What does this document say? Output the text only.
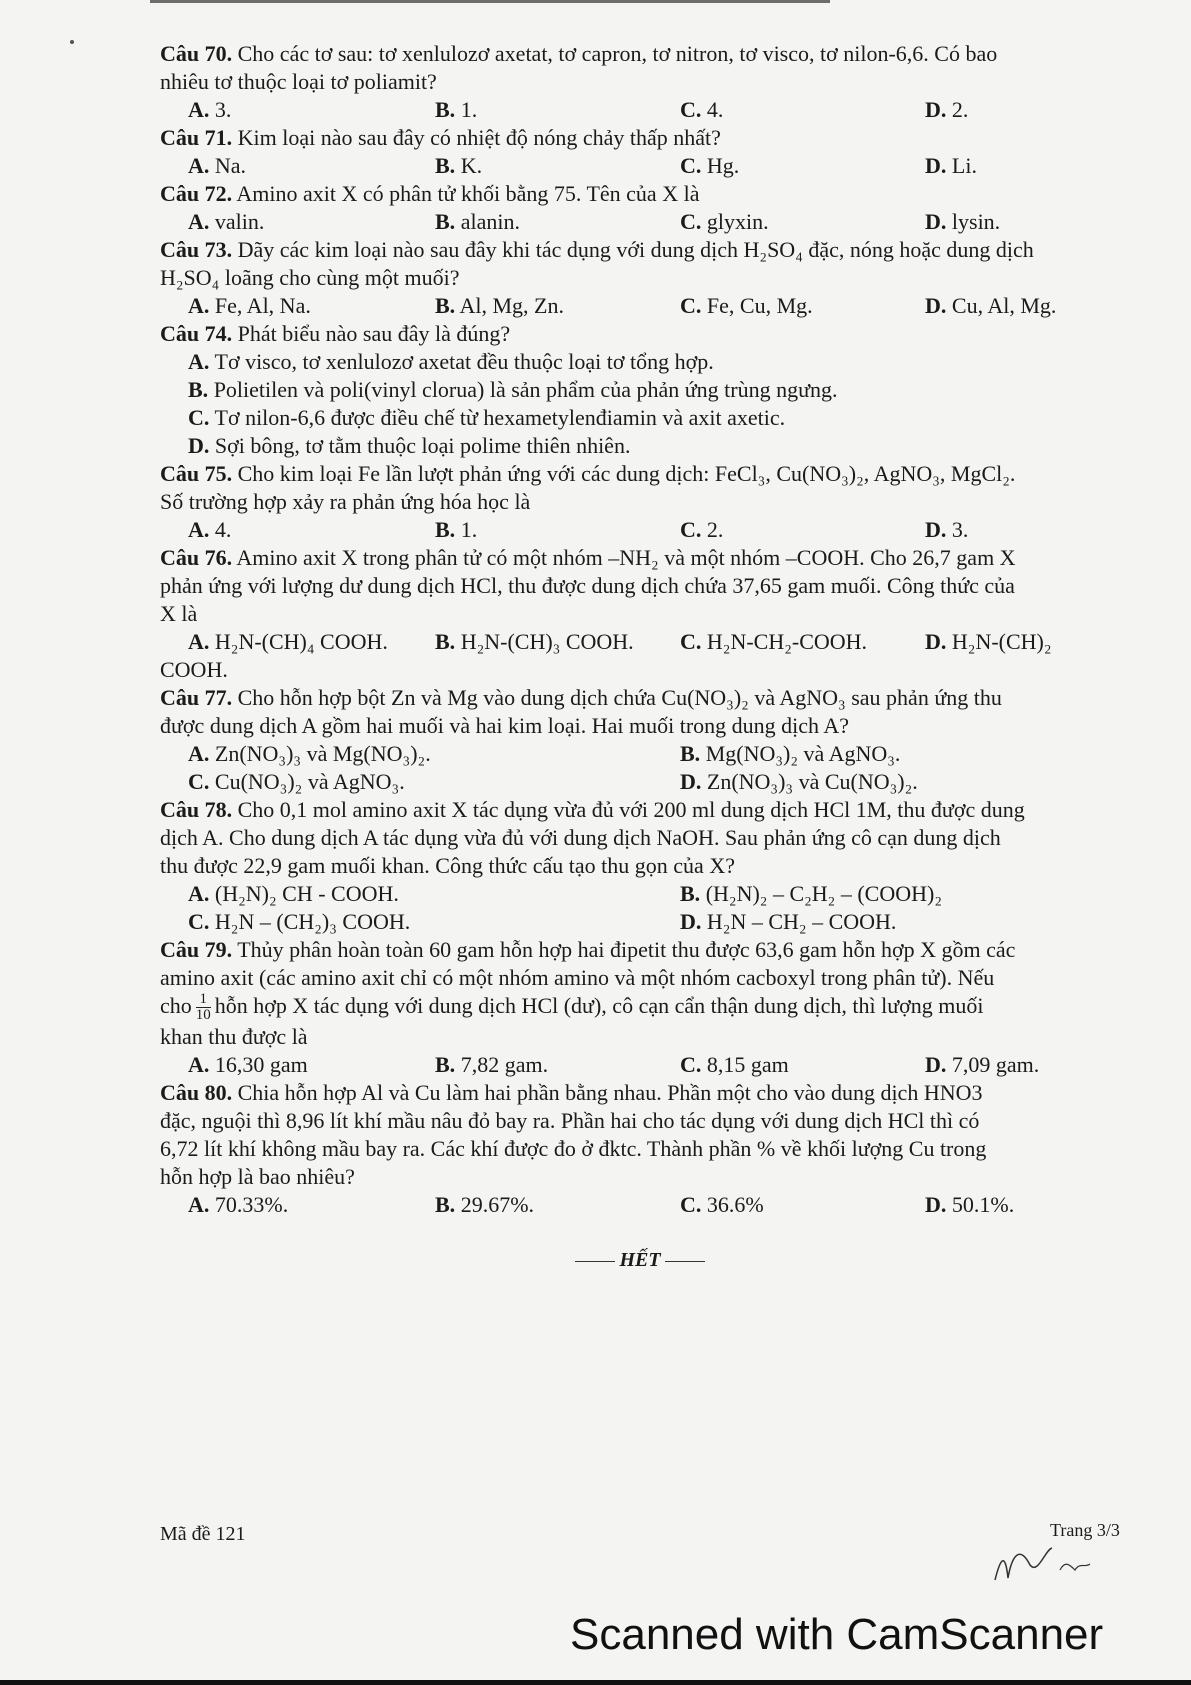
Câu 70. Cho các tơ sau: tơ xenlulozơ axetat, tơ capron, tơ nitron, tơ visco, tơ nilon-6,6. Có bao

nhiêu tơ thuộc loại tơ poliamit?

A. 3.	B. 1.	C. 4.	D. 2.

Câu 71. Kim loại nào sau đây có nhiệt độ nóng chảy thấp nhất?

A. Na.	B. K.	C. Hg.	D. Li.

Câu 72. Amino axit X có phân tử khối bằng 75. Tên của X là

A. valin.	B. alanin.	C. glyxin.	D. lysin.

Câu 73. Dãy các kim loại nào sau đây khi tác dụng với dung dịch H₂SO₄ đặc, nóng hoặc dung dịch

H₂SO₄ loãng cho cùng một muối?

A. Fe, Al, Na.	B. Al, Mg, Zn.	C. Fe, Cu, Mg.	D. Cu, Al, Mg.

Câu 74. Phát biểu nào sau đây là đúng?

A. Tơ visco, tơ xenlulozơ axetat đều thuộc loại tơ tổng hợp.

B. Polietilen và poli(vinyl clorua) là sản phẩm của phản ứng trùng ngưng.

C. Tơ nilon-6,6 được điều chế từ hexametylenđiamin và axit axetic.

D. Sợi bông, tơ tằm thuộc loại polime thiên nhiên.

Câu 75. Cho kim loại Fe lần lượt phản ứng với các dung dịch: FeCl₃, Cu(NO₃)₂, AgNO₃, MgCl₂.

Số trường hợp xảy ra phản ứng hóa học là

A. 4.	B. 1.	C. 2.	D. 3.

Câu 76. Amino axit X trong phân tử có một nhóm –NH₂ và một nhóm –COOH. Cho 26,7 gam X

phản ứng với lượng dư dung dịch HCl, thu được dung dịch chứa 37,65 gam muối. Công thức của

X là

A. H₂N-(CH)₄ COOH. B. H₂N-(CH)₃ COOH. C. H₂N-CH₂-COOH.	D. H₂N-(CH)₂

COOH.

Câu 77. Cho hỗn hợp bột Zn và Mg vào dung dịch chứa Cu(NO₃)₂ và AgNO₃ sau phản ứng thu

được dung dịch A gồm hai muối và hai kim loại. Hai muối trong dung dịch A?

A. Zn(NO₃)₃ và Mg(NO₃)₂.	B. Mg(NO₃)₂ và AgNO₃.
C. Cu(NO₃)₂ và AgNO₃.	D. Zn(NO₃)₃ và Cu(NO₃)₂.

Câu 78. Cho 0,1 mol amino axit X tác dụng vừa đủ với 200 ml dung dịch HCl 1M, thu được dung

dịch A. Cho dung dịch A tác dụng vừa đủ với dung dịch NaOH. Sau phản ứng cô cạn dung dịch

thu được 22,9 gam muối khan. Công thức cấu tạo thu gọn của X?

A. (H₂N)₂ CH - COOH.	B. (H₂N)₂ – C₂H₂ – (COOH)₂
C. H₂N – (CH₂)₃ COOH.	D. H₂N – CH₂ – COOH.

Câu 79. Thủy phân hoàn toàn 60 gam hỗn hợp hai đipetit thu được 63,6 gam hỗn hợp X gồm các

amino axit (các amino axit chỉ có một nhóm amino và một nhóm cacboxyl trong phân tử). Nếu

cho $\frac{1}{10}$ hỗn hợp X tác dụng với dung dịch HCl (dư), cô cạn cẩn thận dung dịch, thì lượng muối

khan thu được là

A. 16,30 gam	B. 7,82 gam.	C. 8,15 gam	D. 7,09 gam.

Câu 80. Chia hỗn hợp Al và Cu làm hai phần bằng nhau. Phần một cho vào dung dịch HNO3

đặc, nguội thì 8,96 lít khí mầu nâu đỏ bay ra. Phần hai cho tác dụng với dung dịch HCl thì có

6,72 lít khí không mầu bay ra. Các khí được đo ở đktc. Thành phần % về khối lượng Cu trong

hỗn hợp là bao nhiêu?

A. 70.33%.	B. 29.67%.	C. 36.6%	D. 50.1%.
HẾT
Mã đề 121	Trang 3/3
Scanned with CamScanner
